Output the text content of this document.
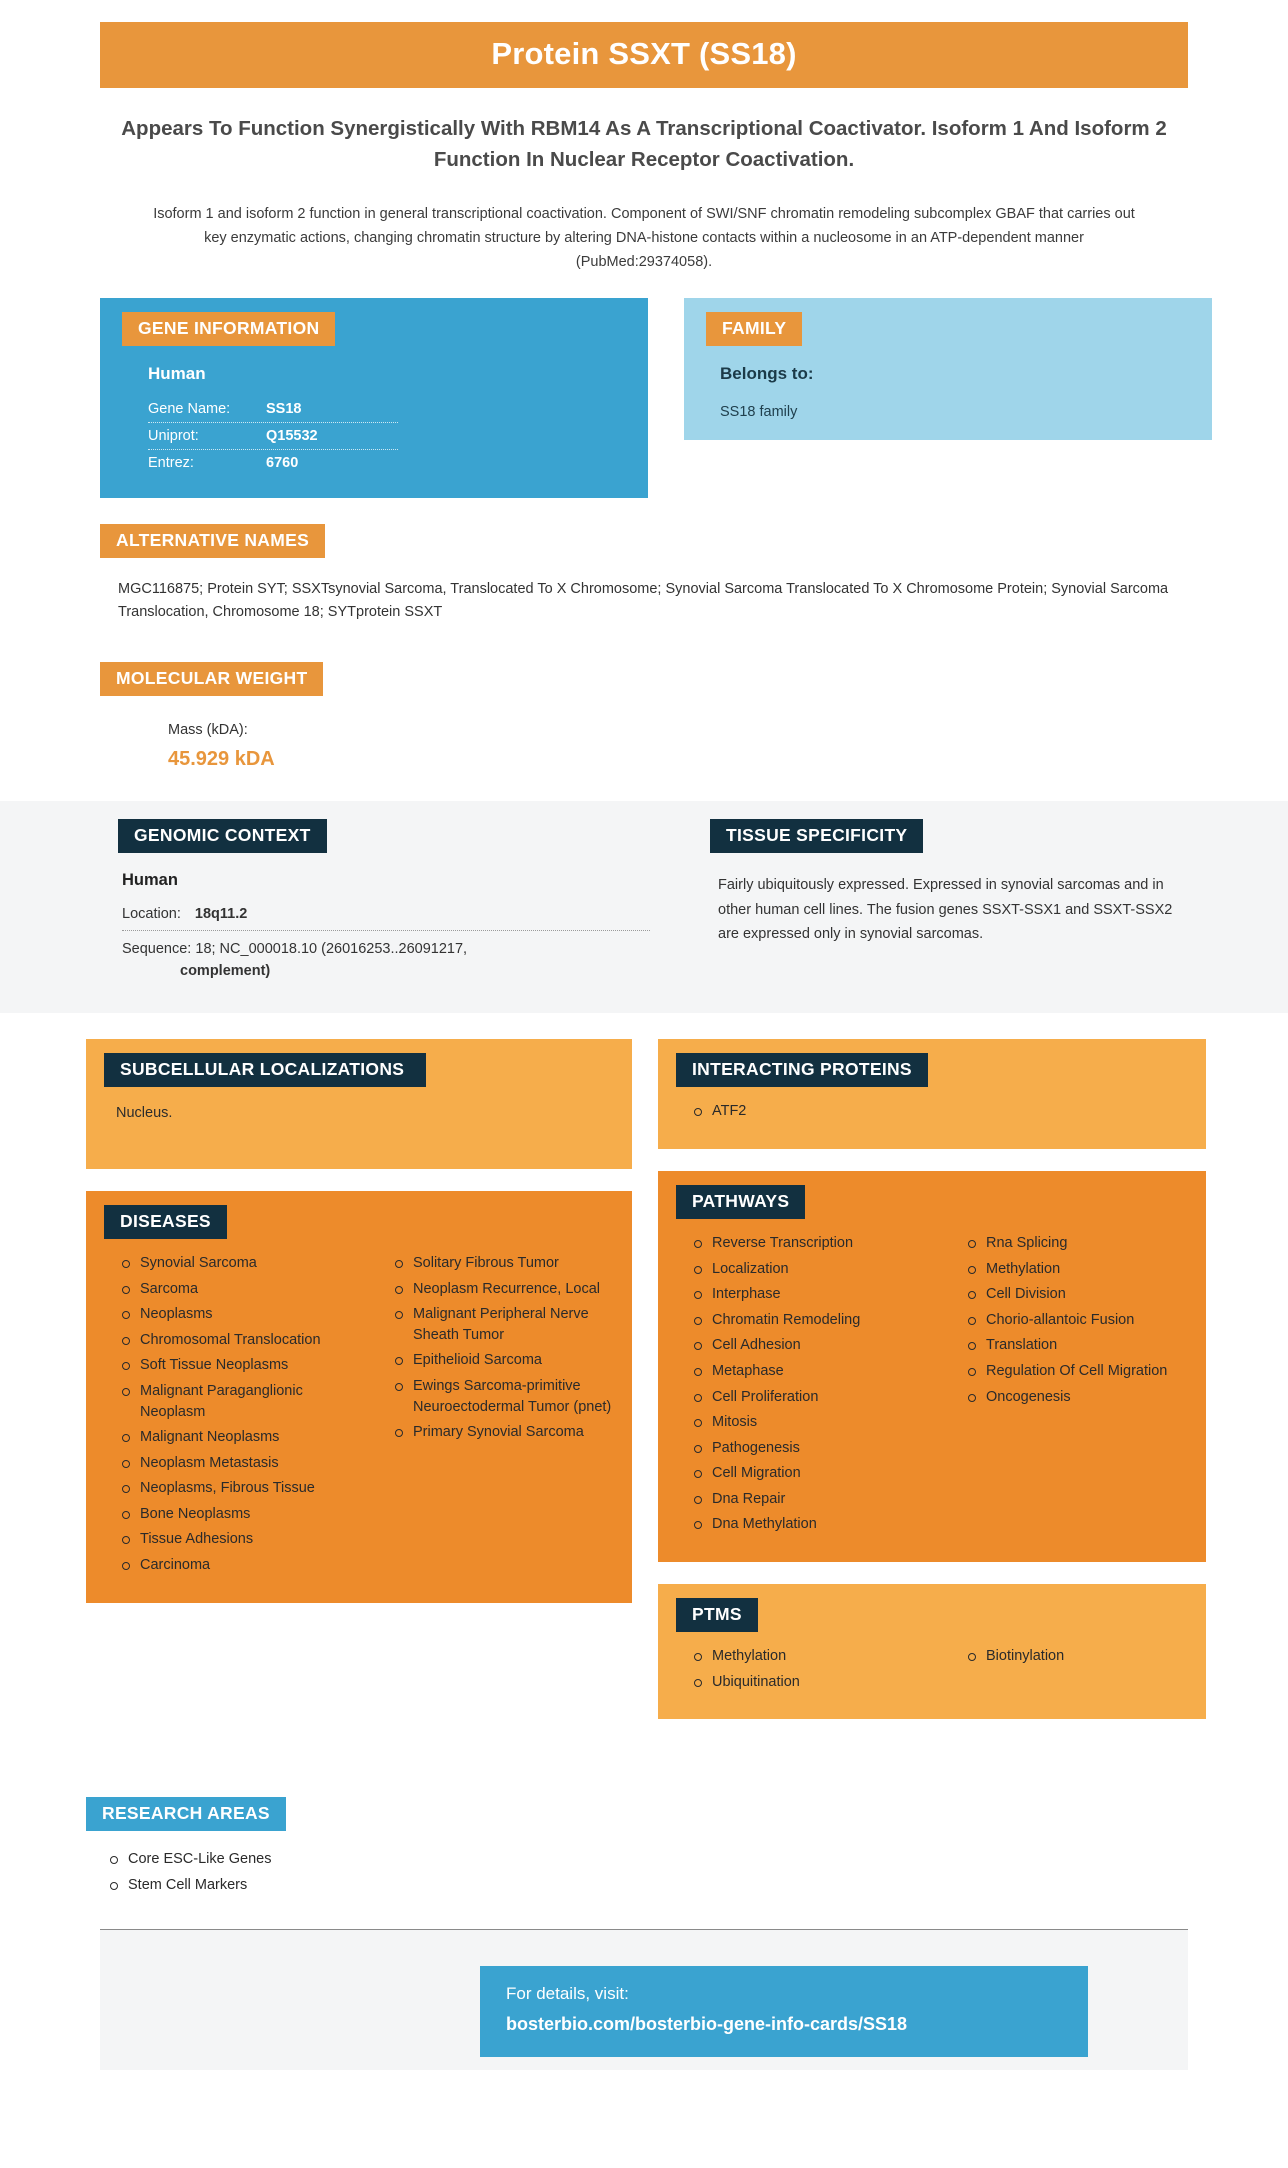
Protein SSXT (SS18)
Appears To Function Synergistically With RBM14 As A Transcriptional Coactivator. Isoform 1 And Isoform 2 Function In Nuclear Receptor Coactivation.
Isoform 1 and isoform 2 function in general transcriptional coactivation. Component of SWI/SNF chromatin remodeling subcomplex GBAF that carries out key enzymatic actions, changing chromatin structure by altering DNA-histone contacts within a nucleosome in an ATP-dependent manner (PubMed:29374058).
GENE INFORMATION
Human
Gene Name:	SS18
Uniprot:	Q15532
Entrez:	6760
FAMILY
Belongs to:
SS18 family
ALTERNATIVE NAMES
MGC116875; Protein SYT; SSXTsynovial Sarcoma, Translocated To X Chromosome; Synovial Sarcoma Translocated To X Chromosome Protein; Synovial Sarcoma Translocation, Chromosome 18; SYTprotein SSXT
MOLECULAR WEIGHT
Mass (kDA):
45.929 kDA
GENOMIC CONTEXT
Human
Location: 18q11.2
Sequence: 18; NC_000018.10 (26016253..26091217,
complement)
TISSUE SPECIFICITY
Fairly ubiquitously expressed. Expressed in synovial sarcomas and in other human cell lines. The fusion genes SSXT-SSX1 and SSXT-SSX2 are expressed only in synovial sarcomas.
SUBCELLULAR LOCALIZATIONS
Nucleus.
DISEASES
Synovial Sarcoma
Sarcoma
Neoplasms
Chromosomal Translocation
Soft Tissue Neoplasms
Malignant Paraganglionic Neoplasm
Malignant Neoplasms
Neoplasm Metastasis
Neoplasms, Fibrous Tissue
Bone Neoplasms
Tissue Adhesions
Carcinoma
Solitary Fibrous Tumor
Neoplasm Recurrence, Local
Malignant Peripheral Nerve Sheath Tumor
Epithelioid Sarcoma
Ewings Sarcoma-primitive Neuroectodermal Tumor (pnet)
Primary Synovial Sarcoma
INTERACTING PROTEINS
ATF2
PATHWAYS
Reverse Transcription
Localization
Interphase
Chromatin Remodeling
Cell Adhesion
Metaphase
Cell Proliferation
Mitosis
Pathogenesis
Cell Migration
Dna Repair
Dna Methylation
Rna Splicing
Methylation
Cell Division
Chorio-allantoic Fusion
Translation
Regulation Of Cell Migration
Oncogenesis
PTMS
Methylation
Ubiquitination
Biotinylation
RESEARCH AREAS
Core ESC-Like Genes
Stem Cell Markers
For details, visit:
bosterbio.com/bosterbio-gene-info-cards/SS18
